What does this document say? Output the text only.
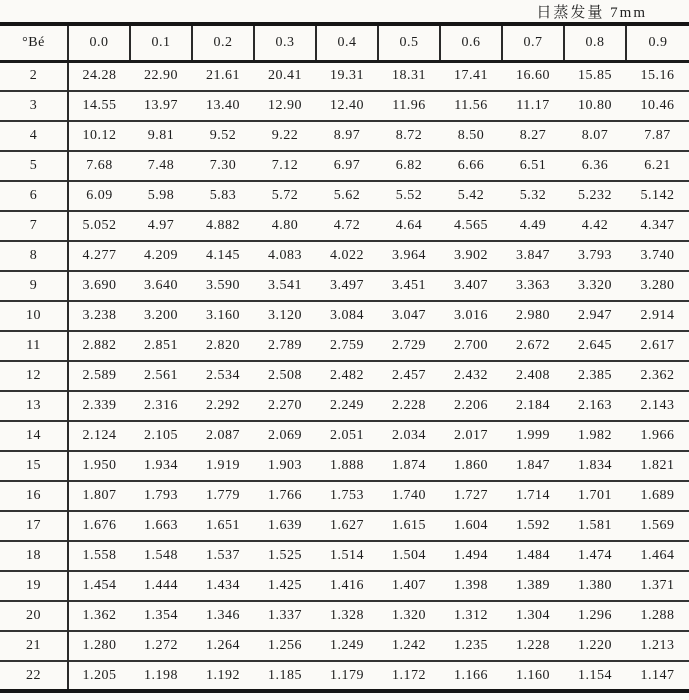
日蒸发量 7mm
°Bé	0.0	0.1	0.2	0.3	0.4	0.5	0.6	0.7	0.8	0.9
2	24.28	22.90	21.61	20.41	19.31	18.31	17.41	16.60	15.85	15.16
3	14.55	13.97	13.40	12.90	12.40	11.96	11.56	11.17	10.80	10.46
4	10.12	9.81	9.52	9.22	8.97	8.72	8.50	8.27	8.07	7.87
5	7.68	7.48	7.30	7.12	6.97	6.82	6.66	6.51	6.36	6.21
6	6.09	5.98	5.83	5.72	5.62	5.52	5.42	5.32	5.232	5.142
7	5.052	4.97	4.882	4.80	4.72	4.64	4.565	4.49	4.42	4.347
8	4.277	4.209	4.145	4.083	4.022	3.964	3.902	3.847	3.793	3.740
9	3.690	3.640	3.590	3.541	3.497	3.451	3.407	3.363	3.320	3.280
10	3.238	3.200	3.160	3.120	3.084	3.047	3.016	2.980	2.947	2.914
11	2.882	2.851	2.820	2.789	2.759	2.729	2.700	2.672	2.645	2.617
12	2.589	2.561	2.534	2.508	2.482	2.457	2.432	2.408	2.385	2.362
13	2.339	2.316	2.292	2.270	2.249	2.228	2.206	2.184	2.163	2.143
14	2.124	2.105	2.087	2.069	2.051	2.034	2.017	1.999	1.982	1.966
15	1.950	1.934	1.919	1.903	1.888	1.874	1.860	1.847	1.834	1.821
16	1.807	1.793	1.779	1.766	1.753	1.740	1.727	1.714	1.701	1.689
17	1.676	1.663	1.651	1.639	1.627	1.615	1.604	1.592	1.581	1.569
18	1.558	1.548	1.537	1.525	1.514	1.504	1.494	1.484	1.474	1.464
19	1.454	1.444	1.434	1.425	1.416	1.407	1.398	1.389	1.380	1.371
20	1.362	1.354	1.346	1.337	1.328	1.320	1.312	1.304	1.296	1.288
21	1.280	1.272	1.264	1.256	1.249	1.242	1.235	1.228	1.220	1.213
22	1.205	1.198	1.192	1.185	1.179	1.172	1.166	1.160	1.154	1.147
